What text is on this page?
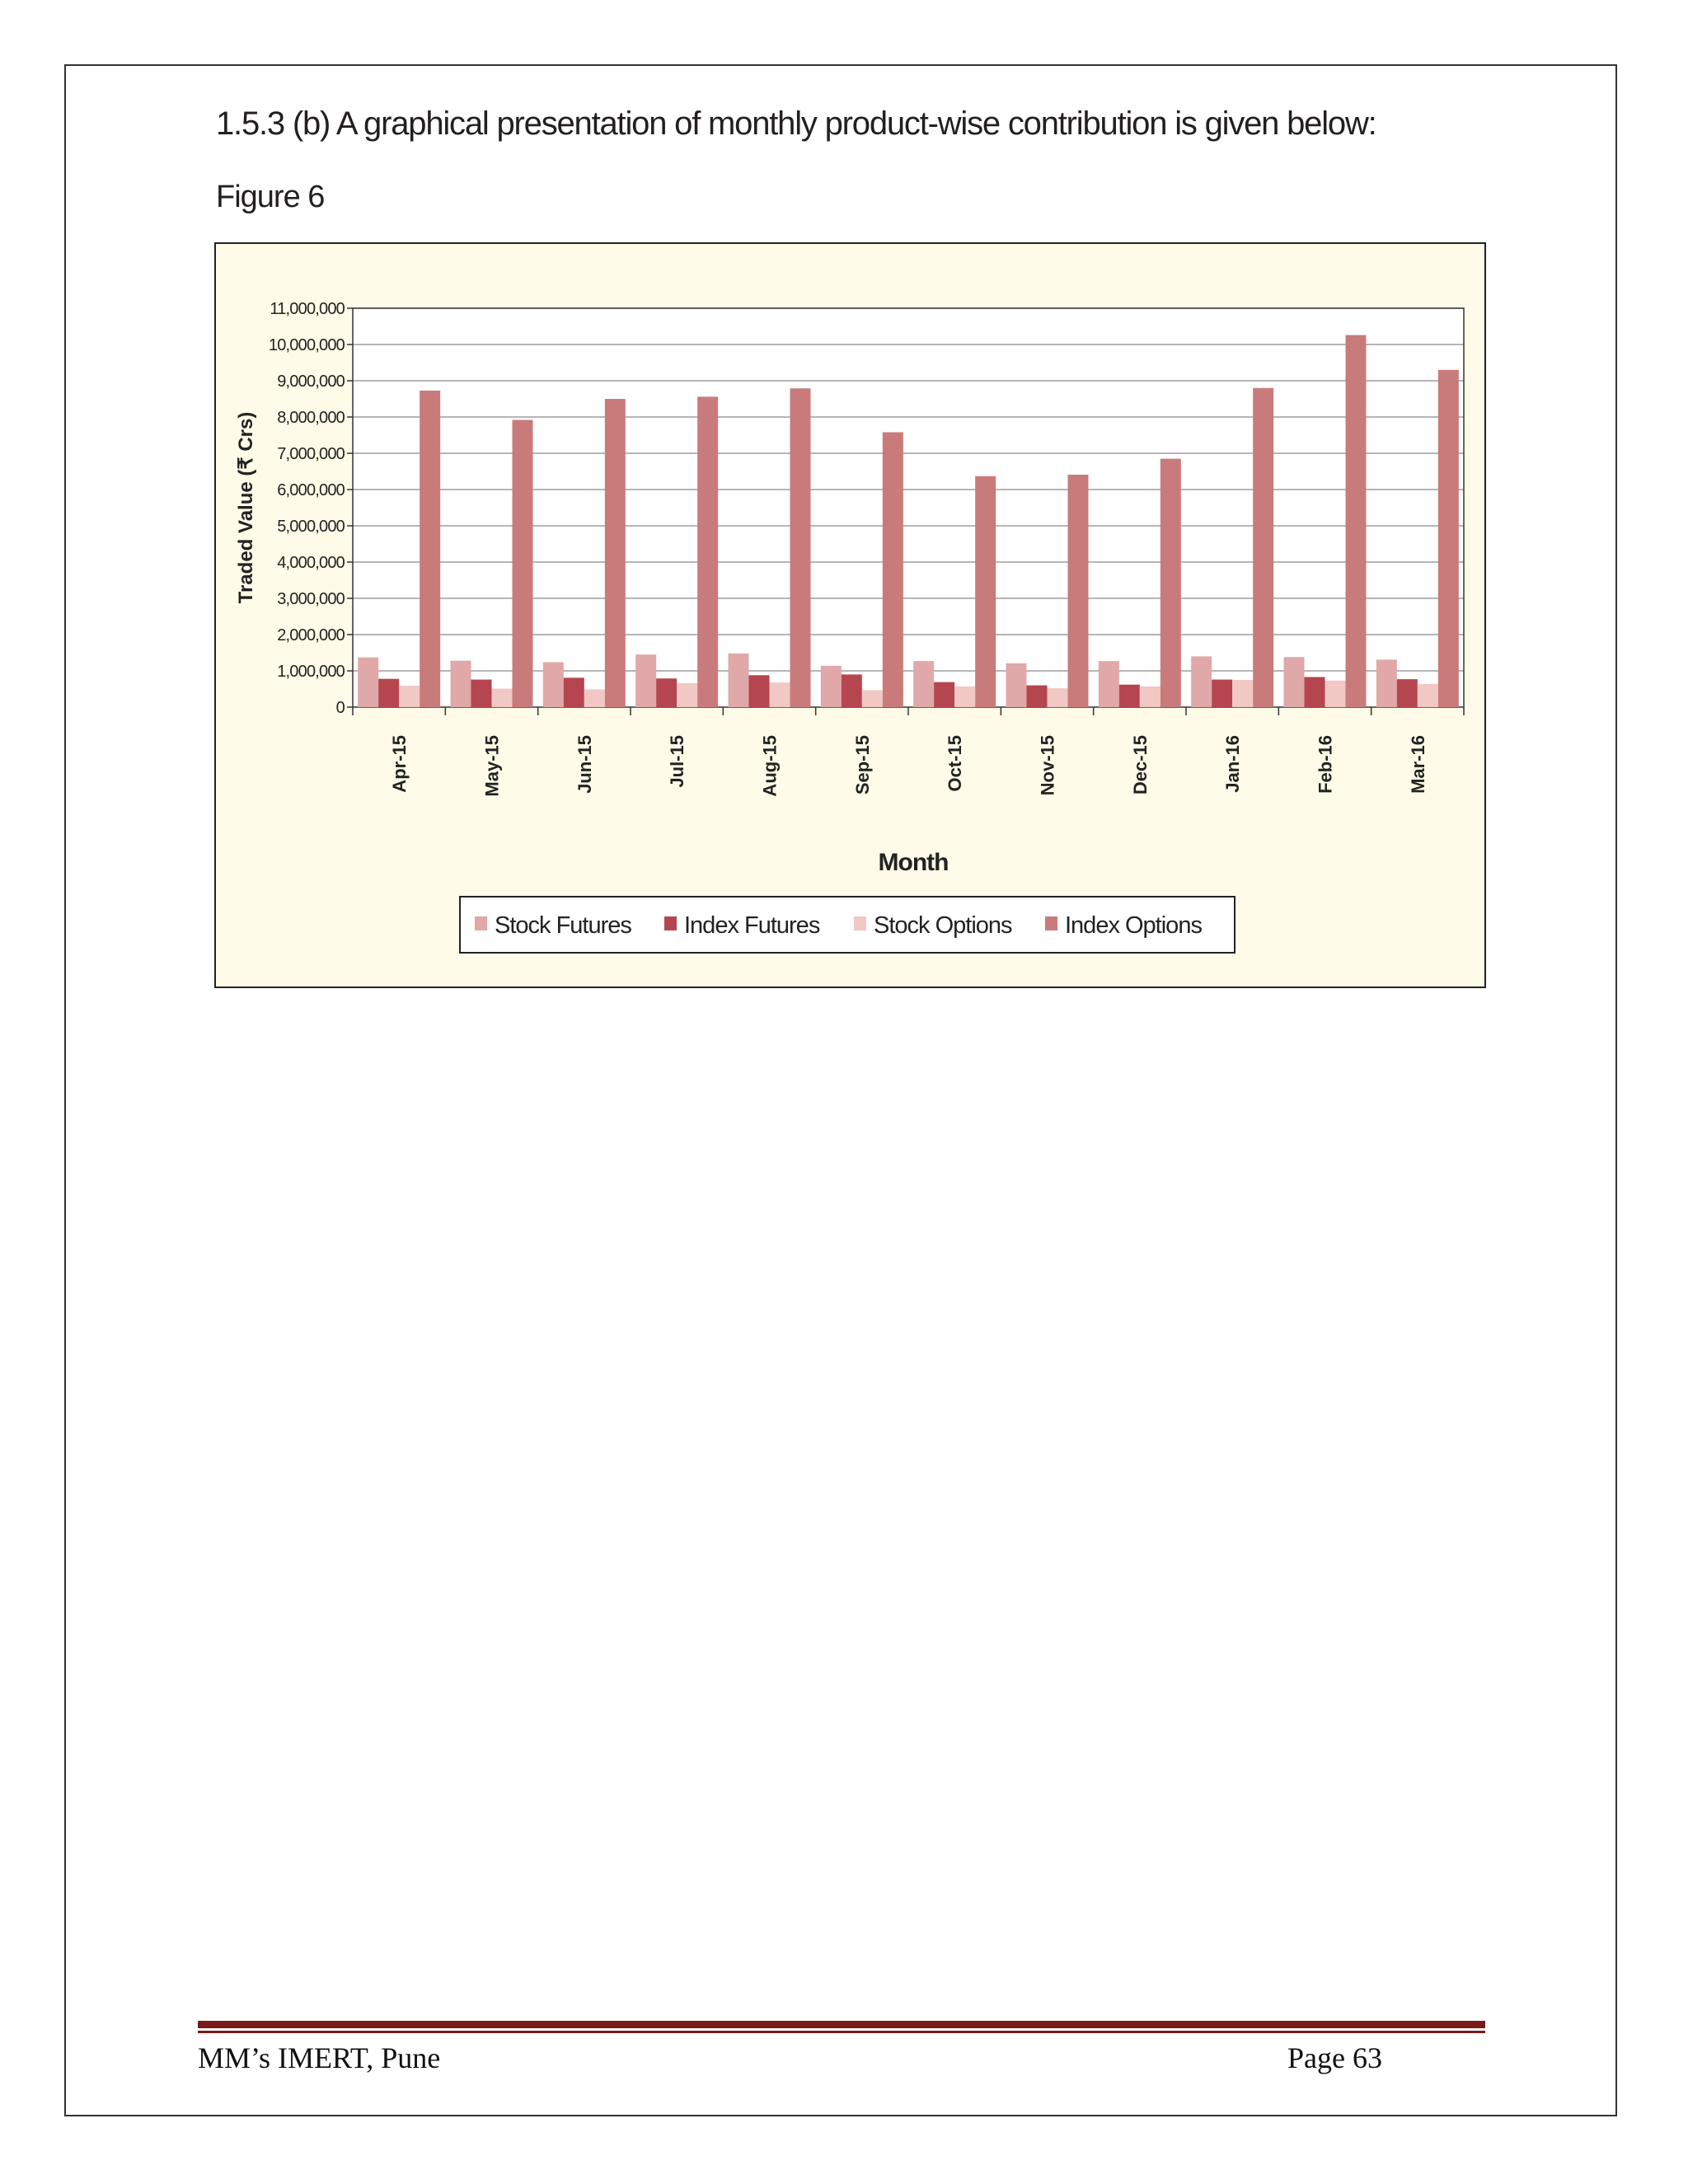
1.5.3 (b) A graphical presentation of monthly product-wise contribution is given below:
Figure 6
0
1,000,000
2,000,000
3,000,000
4,000,000
5,000,000
6,000,000
7,000,000
8,000,000
9,000,000
10,000,000
11,000,000
Apr-15	May-15	Jun-15	Jul-15	Aug-15	Sep-15	Oct-15	Nov-15	Dec-15	Jan-16	Feb-16	Mar-16
Traded Value (₹ Crs)
Month
Stock Futures Index Futures Stock Options Index Options
MM’s IMERT, Pune	Page 63
